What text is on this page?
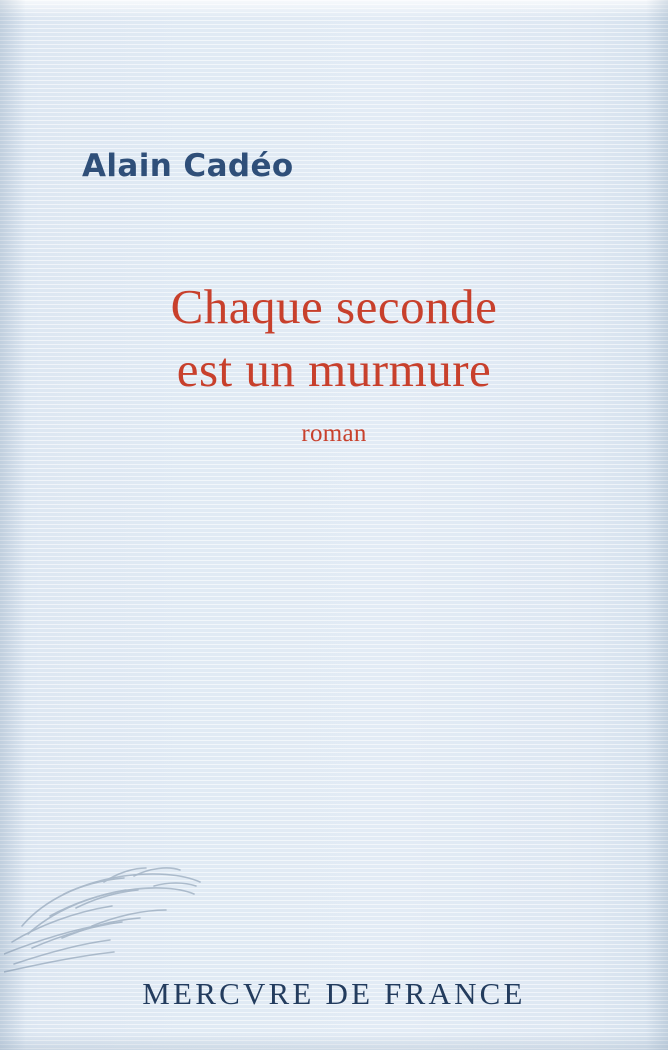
Alain Cadéo
Chaque seconde
est un murmure
roman
MERCVRE DE FRANCE
